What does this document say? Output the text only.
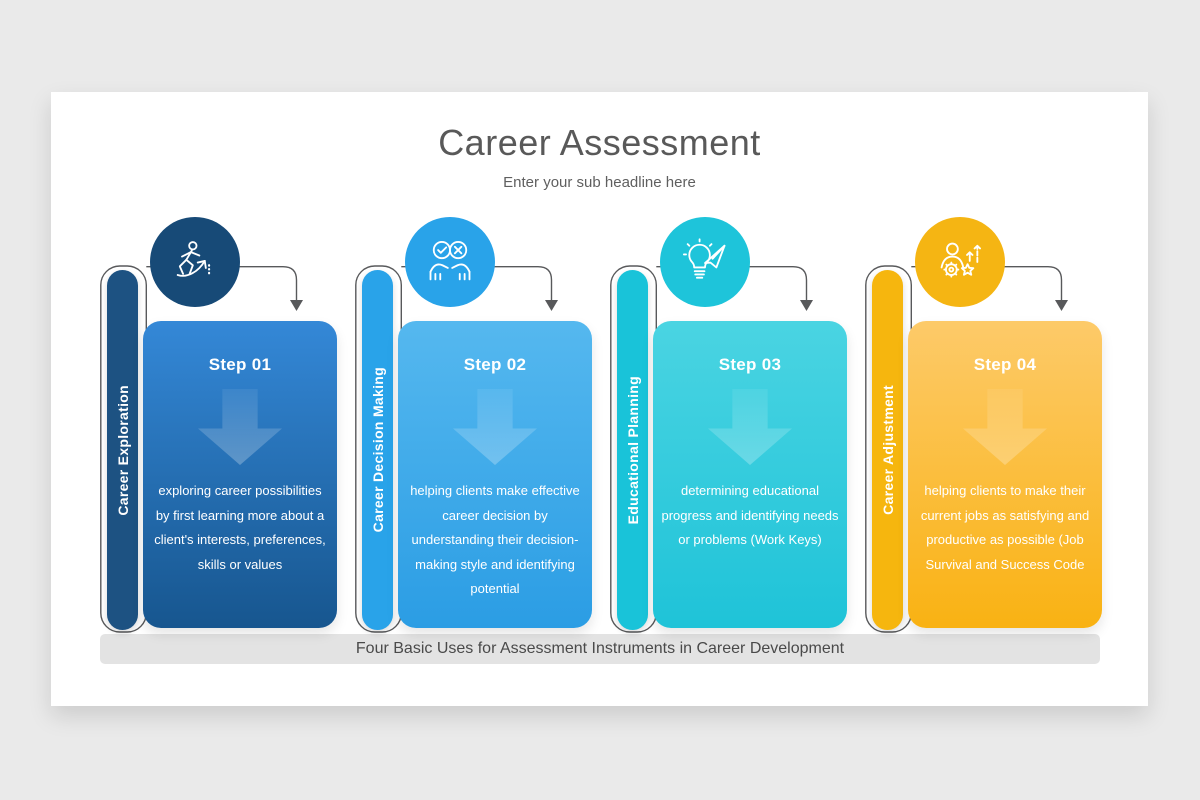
Career Assessment
Enter your sub headline here
Career Exploration
Step 01
exploring career possibilities by first learning more about a client's interests, preferences, skills or values
Career Decision Making
Step 02
helping clients make effective career decision by understanding their decision-making style and identifying potential
Educational Planning
Step 03
determining educational progress and identifying needs or problems (Work Keys)
Career Adjustment
Step 04
helping clients to make their current jobs as satisfying and productive as possible (Job Survival and Success Code
Four Basic Uses for Assessment Instruments in Career Development
